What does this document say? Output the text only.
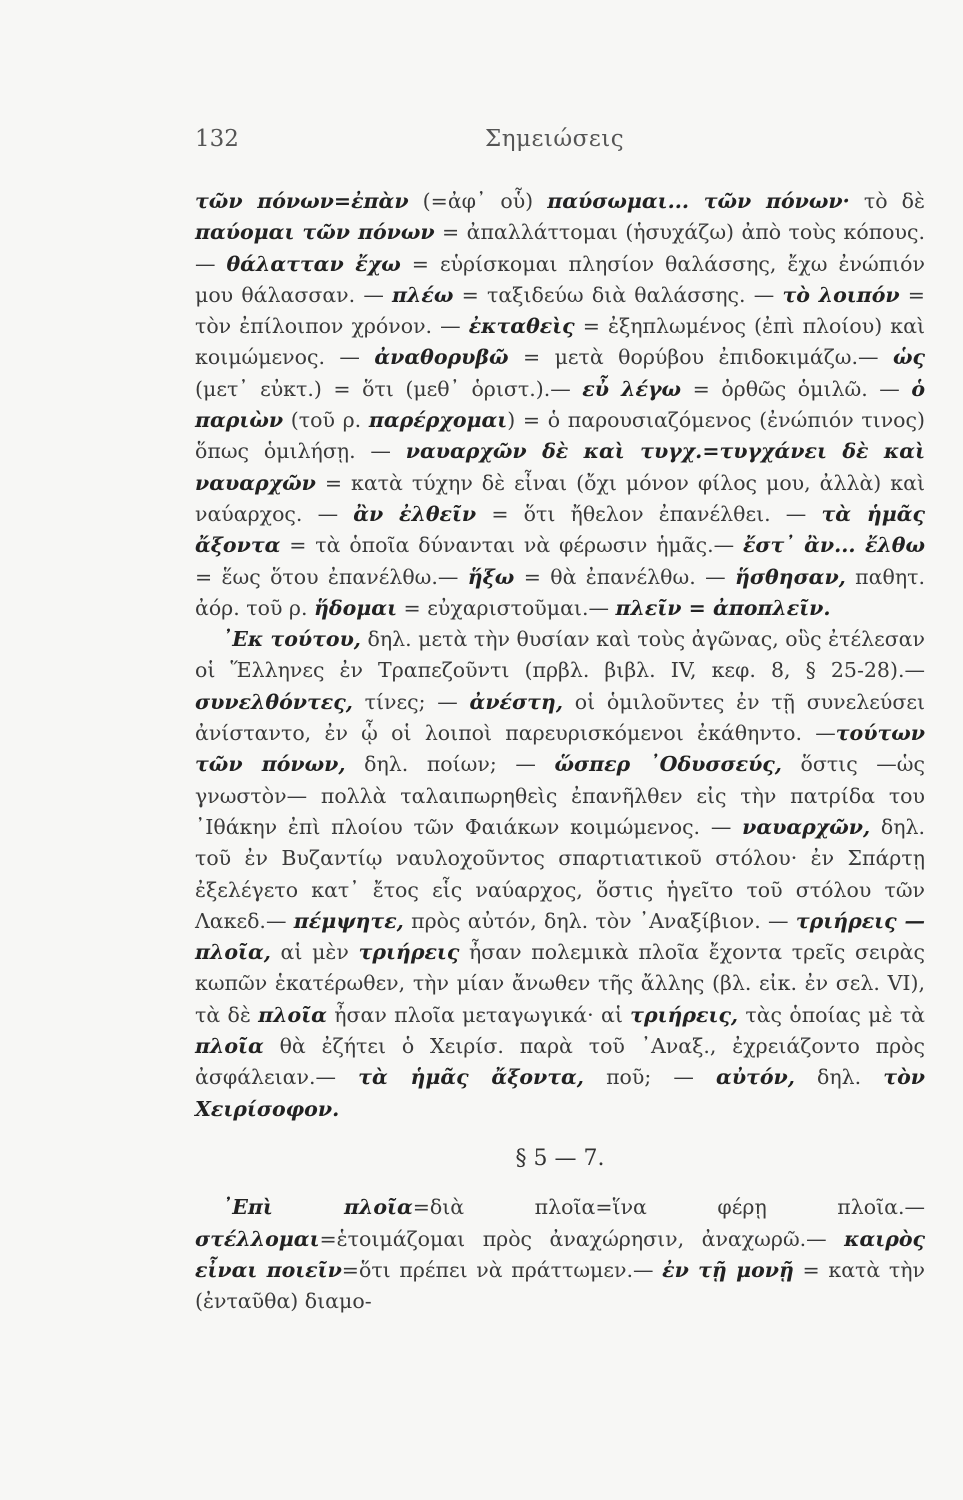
132	Σημειώσεις

τῶν πόνων=ἐπὰν (=ἀφ᾽ οὗ) παύσωμαι... τῶν πόνων· τὸ δὲ παύομαι τῶν πόνων = ἀπαλλάττομαι (ἡσυχάζω) ἀπὸ τοὺς κόπους. — θάλατταν ἔχω = εὑρίσκομαι πλησίον θαλάσσης, ἔχω ἐνώπιόν μου θάλασσαν. — πλέω = ταξιδεύω διὰ θαλάσσης. — τὸ λοιπόν = τὸν ἐπίλοιπον χρόνον. — ἐκταθεὶς = ἐξηπλωμένος (ἐπὶ πλοίου) καὶ κοιμώμενος. — ἀναθορυβῶ = μετὰ θορύβου ἐπιδοκιμάζω.— ὡς (μετ᾽ εὐκτ.) = ὅτι (μεθ᾽ ὁριστ.).— εὖ λέγω = ὀρθῶς ὁμιλῶ. — ὁ παριὼν (τοῦ ρ. παρέρχομαι) = ὁ παρουσιαζόμενος (ἐνώπιόν τινος) ὅπως ὁμιλήσῃ. — ναυαρχῶν δὲ καὶ τυγχ.=τυγχάνει δὲ καὶ ναυαρχῶν = κατὰ τύχην δὲ εἶναι (ὄχι μόνον φίλος μου, ἀλλὰ) καὶ ναύαρχος. — ἂν ἐλθεῖν = ὅτι ἤθελον ἐπανέλθει. — τὰ ἡμᾶς ἄξοντα = τὰ ὁποῖα δύνανται νὰ φέρωσιν ἡμᾶς.— ἔστ᾽ ἂν... ἔλθω = ἕως ὅτου ἐπανέλθω.— ἥξω = θὰ ἐπανέλθω. — ἥσθησαν, παθητ. ἀόρ. τοῦ ρ. ἥδομαι = εὐχαριστοῦμαι.— πλεῖν = ἀποπλεῖν.

᾽Εκ τούτου, δηλ. μετὰ τὴν θυσίαν καὶ τοὺς ἀγῶνας, οὓς ἐτέλεσαν οἱ Ἕλληνες ἐν Τραπεζοῦντι (πρβλ. βιβλ. IV, κεφ. 8, § 25-28).— συνελθόντες, τίνες; — ἀνέστη, οἱ ὁμιλοῦντες ἐν τῇ συνελεύσει ἀνίσταντο, ἐν ᾧ οἱ λοιποὶ παρευρισκόμενοι ἐκάθηντο. —τούτων τῶν πόνων, δηλ. ποίων; — ὥσπερ ᾽Οδυσσεύς, ὅστις —ὡς γνωστὸν— πολλὰ ταλαιπωρηθεὶς ἐπανῆλθεν εἰς τὴν πατρίδα του ᾽Ιθάκην ἐπὶ πλοίου τῶν Φαιάκων κοιμώμενος. — ναυαρχῶν, δηλ. τοῦ ἐν Βυζαντίῳ ναυλοχοῦντος σπαρτιατικοῦ στόλου· ἐν Σπάρτῃ ἐξελέγετο κατ᾽ ἔτος εἷς ναύαρχος, ὅστις ἡγεῖτο τοῦ στόλου τῶν Λακεδ.— πέμψητε, πρὸς αὐτόν, δηλ. τὸν ᾽Αναξίβιον. — τριήρεις — πλοῖα, αἱ μὲν τριήρεις ἦσαν πολεμικὰ πλοῖα ἔχοντα τρεῖς σειρὰς κωπῶν ἑκατέρωθεν, τὴν μίαν ἄνωθεν τῆς ἄλλης (βλ. εἰκ. ἐν σελ. VI), τὰ δὲ πλοῖα ἦσαν πλοῖα μεταγωγικά· αἱ τριήρεις, τὰς ὁποίας μὲ τὰ πλοῖα θὰ ἐζήτει ὁ Χειρίσ. παρὰ τοῦ ᾽Αναξ., ἐχρειάζοντο πρὸς ἀσφάλειαν.— τὰ ἡμᾶς ἄξοντα, ποῦ; — αὐτόν, δηλ. τὸν Χειρίσοφον.

§ 5 — 7.

᾽Επὶ πλοῖα=διὰ πλοῖα=ἵνα φέρῃ πλοῖα.— στέλλομαι=ἑτοιμάζομαι πρὸς ἀναχώρησιν, ἀναχωρῶ.— καιρὸς εἶναι ποιεῖν=ὅτι πρέπει νὰ πράττωμεν.— ἐν τῇ μονῇ = κατὰ τὴν (ἐνταῦθα) διαμο-
